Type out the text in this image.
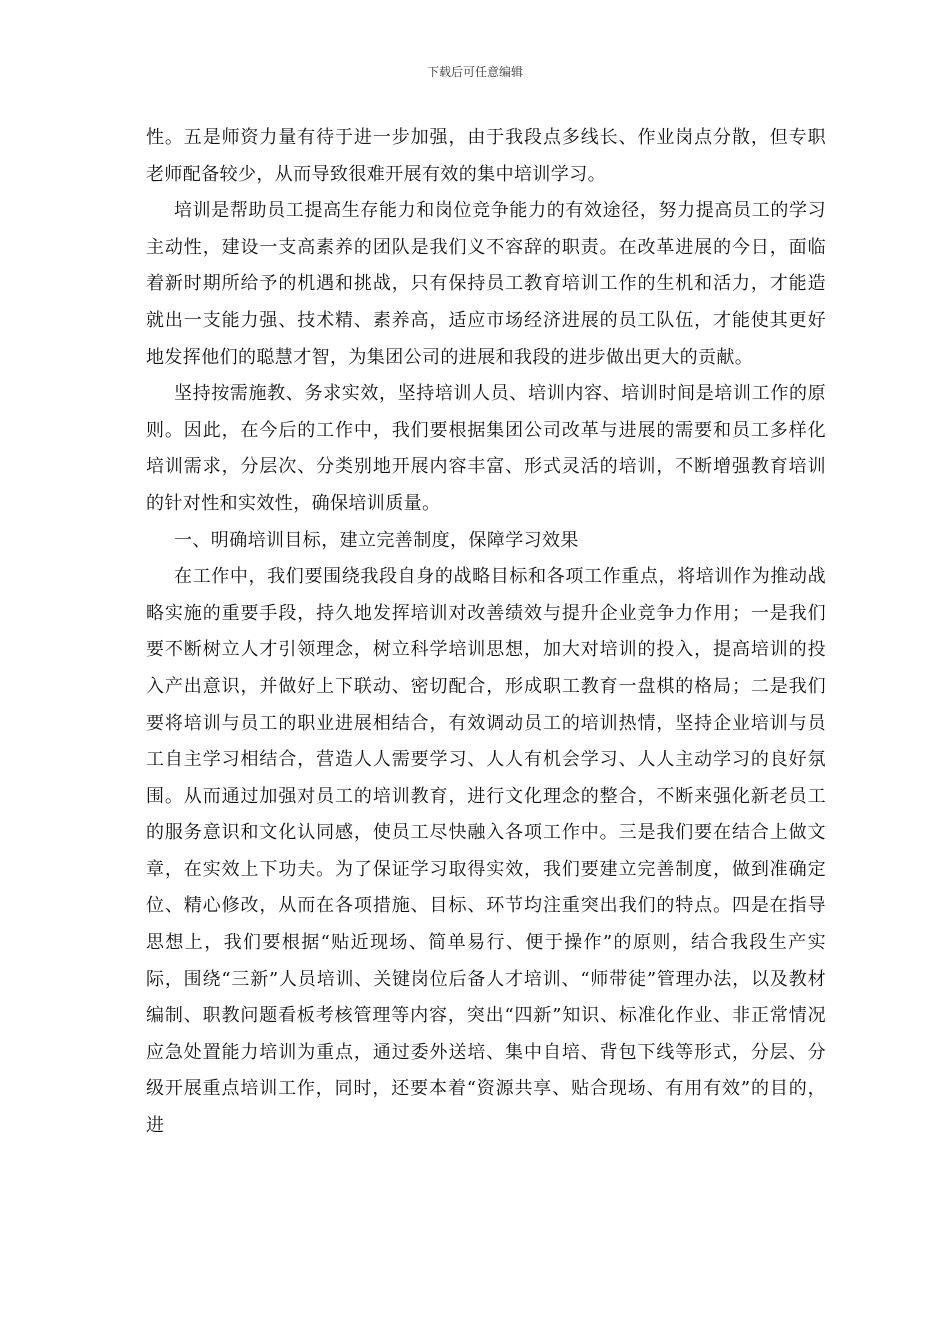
下载后可任意编辑

性。五是师资力量有待于进一步加强，由于我段点多线长、作业岗点分散，但专职老师配备较少，从而导致很难开展有效的集中培训学习。

培训是帮助员工提高生存能力和岗位竞争能力的有效途径，努力提高员工的学习主动性，建设一支高素养的团队是我们义不容辞的职责。在改革进展的今日，面临着新时期所给予的机遇和挑战，只有保持员工教育培训工作的生机和活力，才能造就出一支能力强、技术精、素养高，适应市场经济进展的员工队伍，才能使其更好地发挥他们的聪慧才智，为集团公司的进展和我段的进步做出更大的贡献。

坚持按需施教、务求实效，坚持培训人员、培训内容、培训时间是培训工作的原则。因此，在今后的工作中，我们要根据集团公司改革与进展的需要和员工多样化培训需求，分层次、分类别地开展内容丰富、形式灵活的培训，不断增强教育培训的针对性和实效性，确保培训质量。

一、明确培训目标，建立完善制度，保障学习效果

在工作中，我们要围绕我段自身的战略目标和各项工作重点，将培训作为推动战略实施的重要手段，持久地发挥培训对改善绩效与提升企业竞争力作用；一是我们要不断树立人才引领理念，树立科学培训思想，加大对培训的投入，提高培训的投入产出意识，并做好上下联动、密切配合，形成职工教育一盘棋的格局；二是我们要将培训与员工的职业进展相结合，有效调动员工的培训热情，坚持企业培训与员工自主学习相结合，营造人人需要学习、人人有机会学习、人人主动学习的良好氛围。从而通过加强对员工的培训教育，进行文化理念的整合，不断来强化新老员工的服务意识和文化认同感，使员工尽快融入各项工作中。三是我们要在结合上做文章，在实效上下功夫。为了保证学习取得实效，我们要建立完善制度，做到准确定位、精心修改，从而在各项措施、目标、环节均注重突出我们的特点。四是在指导思想上，我们要根据“贴近现场、简单易行、便于操作”的原则，结合我段生产实际，围绕“三新”人员培训、关键岗位后备人才培训、“师带徒”管理办法，以及教材编制、职教问题看板考核管理等内容，突出“四新”知识、标准化作业、非正常情况应急处置能力培训为重点，通过委外送培、集中自培、背包下线等形式，分层、分级开展重点培训工作，同时，还要本着“资源共享、贴合现场、有用有效”的目的，进
